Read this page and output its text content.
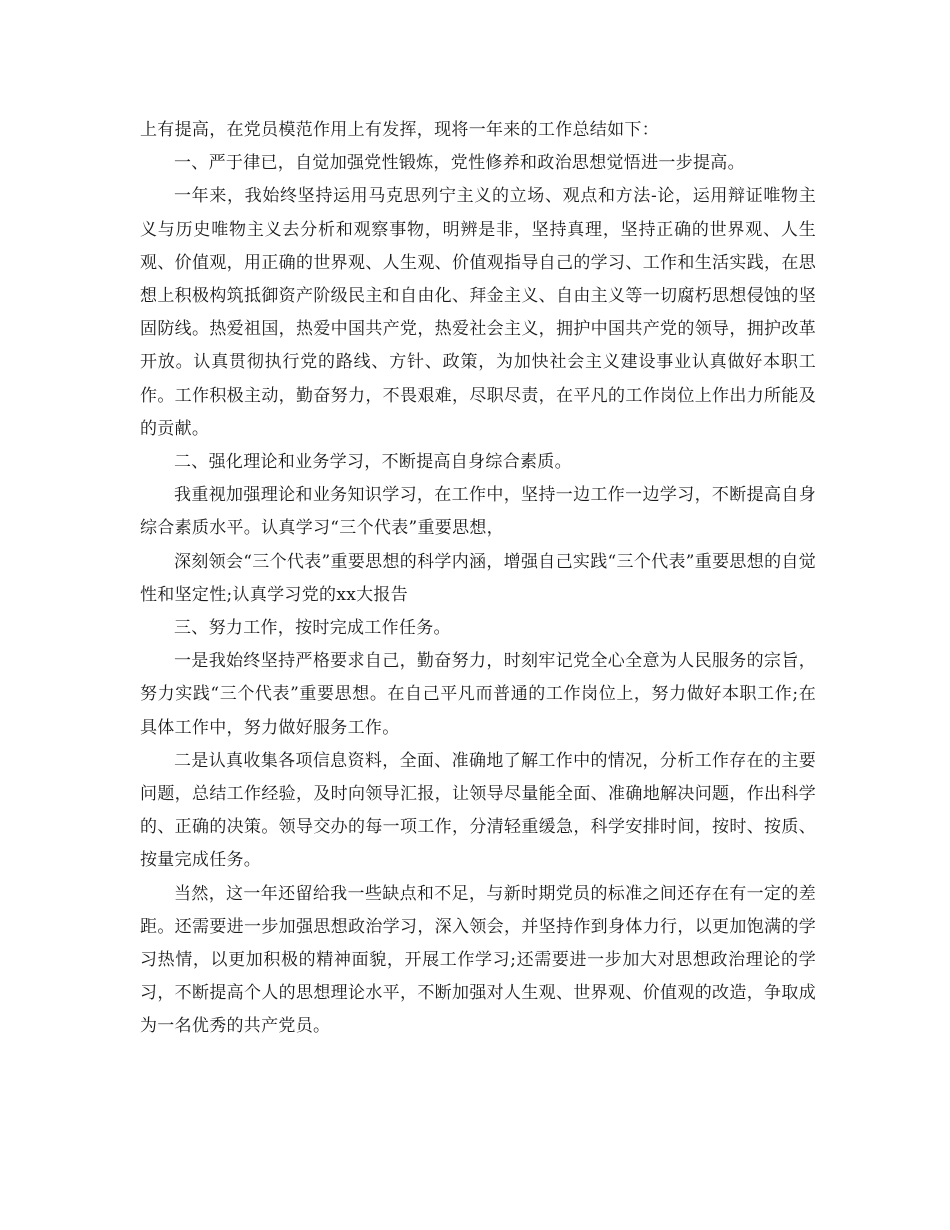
上有提高，在党员模范作用上有发挥，现将一年来的工作总结如下：

一、严于律已，自觉加强党性锻炼，党性修养和政治思想觉悟进一步提高。

一年来，我始终坚持运用马克思列宁主义的立场、观点和方法-论，运用辩证唯物主义与历史唯物主义去分析和观察事物，明辨是非，坚持真理，坚持正确的世界观、人生观、价值观，用正确的世界观、人生观、价值观指导自己的学习、工作和生活实践，在思想上积极构筑抵御资产阶级民主和自由化、拜金主义、自由主义等一切腐朽思想侵蚀的坚固防线。热爱祖国，热爱中国共产党，热爱社会主义，拥护中国共产党的领导，拥护改革开放。认真贯彻执行党的路线、方针、政策，为加快社会主义建设事业认真做好本职工作。工作积极主动，勤奋努力，不畏艰难，尽职尽责，在平凡的工作岗位上作出力所能及的贡献。

二、强化理论和业务学习，不断提高自身综合素质。

我重视加强理论和业务知识学习，在工作中，坚持一边工作一边学习，不断提高自身综合素质水平。认真学习“三个代表”重要思想，

深刻领会“三个代表”重要思想的科学内涵，增强自己实践“三个代表”重要思想的自觉性和坚定性;认真学习党的xx大报告

三、努力工作，按时完成工作任务。

一是我始终坚持严格要求自己，勤奋努力，时刻牢记党全心全意为人民服务的宗旨，努力实践“三个代表”重要思想。在自己平凡而普通的工作岗位上，努力做好本职工作;在具体工作中，努力做好服务工作。

二是认真收集各项信息资料，全面、准确地了解工作中的情况，分析工作存在的主要问题，总结工作经验，及时向领导汇报，让领导尽量能全面、准确地解决问题，作出科学的、正确的决策。领导交办的每一项工作，分清轻重缓急，科学安排时间，按时、按质、按量完成任务。

当然，这一年还留给我一些缺点和不足，与新时期党员的标准之间还存在有一定的差距。还需要进一步加强思想政治学习，深入领会，并坚持作到身体力行，以更加饱满的学习热情，以更加积极的精神面貌，开展工作学习;还需要进一步加大对思想政治理论的学习，不断提高个人的思想理论水平，不断加强对人生观、世界观、价值观的改造，争取成为一名优秀的共产党员。
